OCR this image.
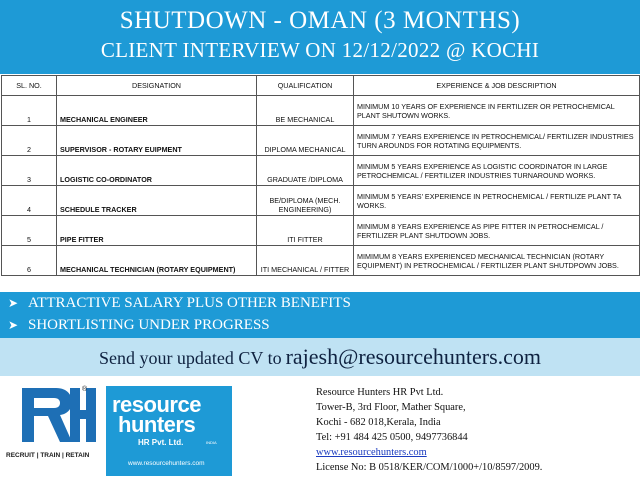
SHUTDOWN - OMAN (3 MONTHS)
CLIENT INTERVIEW ON 12/12/2022 @ KOCHI
SL. NO.	DESIGNATION	QUALIFICATION	EXPERIENCE & JOB DESCRIPTION
1	MECHANICAL ENGINEER	BE MECHANICAL	MINIMUM 10 YEARS OF EXPERIENCE IN FERTILIZER OR PETROCHEMICAL PLANT SHUTOWN WORKS.
2	SUPERVISOR - ROTARY EUIPMENT	DIPLOMA MECHANICAL	MINIMUM 7 YEARS EXPERIENCE IN PETROCHEMICAL/ FERTILIZER INDUSTRIES TURN AROUNDS FOR ROTATING EQUIPMENTS.
3	LOGISTIC CO-ORDINATOR	GRADUATE /DIPLOMA	MINIMUM 5 YEARS EXPERIENCE AS LOGISTIC COORDINATOR IN LARGE PETROCHEMICAL / FERTILIZER INDUSTRIES TURNAROUND WORKS.
4	SCHEDULE TRACKER	BE/DIPLOMA (MECH. ENGINEERING)	MINIMUM 5 YEARS' EXPERIENCE IN PETROCHEMICAL / FERTILIZE PLANT TA WORKS.
5	PIPE FITTER	ITI FITTER	MINIMUM 8 YEARS EXPERIENCE AS PIPE FITTER IN PETROCHEMICAL / FERTILIZER PLANT SHUTDOWN JOBS.
6	MECHANICAL TECHNICIAN (ROTARY EQUIPMENT)	ITI MECHANICAL / FITTER	MIMIMUM 8 YEARS EXPERIENCED MECHANICAL TECHNICIAN (ROTARY EQUIPMENT) IN PETROCHEMICAL / FERTILIZER PLANT SHUTDPOWN JOBS.
➤ ATTRACTIVE SALARY PLUS OTHER BENEFITS
➤ SHORTLISTING UNDER PROGRESS
Send your updated CV to rajesh@resourcehunters.com
®
RECRUIT | TRAIN | RETAIN
resource
hunters
HR Pvt. Ltd.	INDIA
www.resourcehunters.com
Resource Hunters HR Pvt Ltd.
Tower-B, 3rd Floor, Mather Square,
Kochi - 682 018,Kerala, India
Tel: +91 484 425 0500, 9497736844
www.resourcehunters.com
License No: B 0518/KER/COM/1000+/10/8597/2009.
